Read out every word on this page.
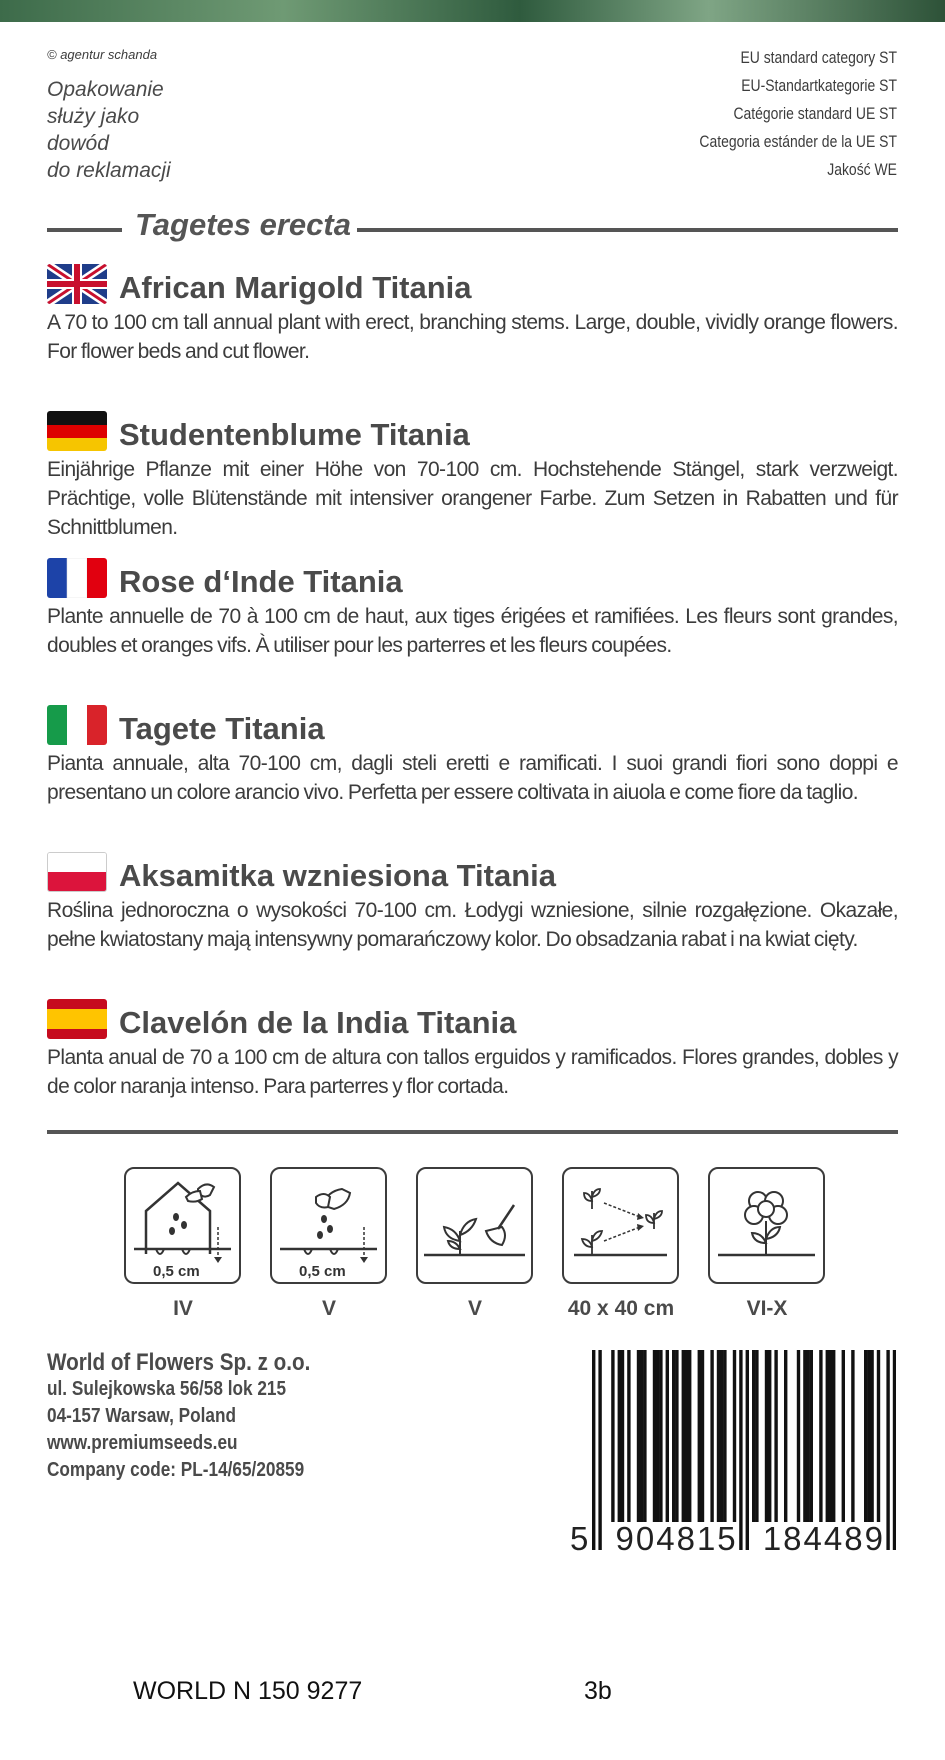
© agentur schanda
Opakowanie
służy jako
dowód
do reklamacji
EU standard category ST
EU-Standartkategorie ST
Catégorie standard UE ST
Categoria estánder de la UE ST
Jakość WE
Tagetes erecta
African Marigold Titania
A 70 to 100 cm tall annual plant with erect, branching stems. Large, double, vividly orange flowers. For flower beds and cut flower.
Studentenblume Titania
Einjährige Pflanze mit einer Höhe von 70-100 cm. Hochstehende Stängel, stark verzweigt. Prächtige, volle Blütenstände mit intensiver orangener Farbe. Zum Setzen in Rabatten und für Schnittblumen.
Rose d‘Inde Titania
Plante annuelle de 70 à 100 cm de haut, aux tiges érigées et ramifiées. Les fleurs sont grandes, doubles et oranges vifs. À utiliser pour les parterres et les fleurs coupées.
Tagete Titania
Pianta annuale, alta 70-100 cm, dagli steli eretti e ramificati. I suoi grandi fiori sono doppi e presentano un colore arancio vivo. Perfetta per essere coltivata in aiuola e come fiore da taglio.
Aksamitka wzniesiona Titania
Roślina jednoroczna o wysokości 70-100 cm. Łodygi wzniesione, silnie rozgałęzione. Okazałe, pełne kwiatostany mają intensywny pomarańczowy kolor. Do obsadzania rabat i na kwiat cięty.
Clavelón de la India Titania
Planta anual de 70 a 100 cm de altura con tallos erguidos y ramificados. Flores grandes, dobles y de color naranja intenso. Para parterres y flor cortada.
0,5 cm
IV
0,5 cm
V	V	40 x 40 cm	VI-X
World of Flowers Sp. z o.o.
ul. Sulejkowska 56/58 lok 215
04-157 Warsaw, Poland
www.premiumseeds.eu
Company code: PL-14/65/20859
5 904815 184489
WORLD N 150 9277	3b
